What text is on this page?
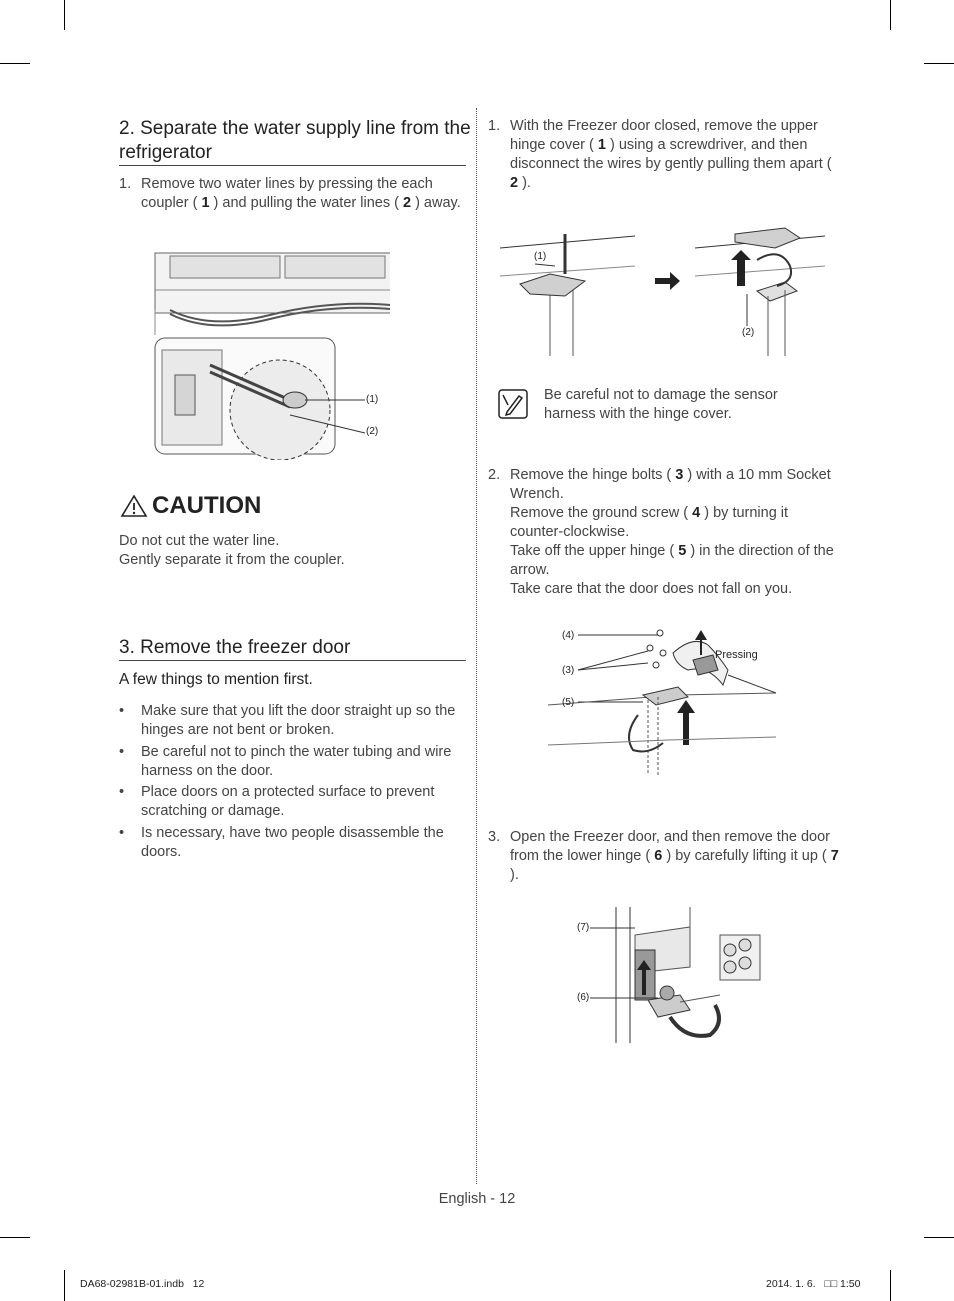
2. Separate the water supply line from the refrigerator
1. Remove two water lines by pressing the each coupler ( 1 ) and pulling the water lines ( 2 ) away.
(1)
(2)
CAUTION
Do not cut the water line.
Gently separate it from the coupler.
3. Remove the freezer door
A few things to mention first.
• Make sure that you lift the door straight up so the hinges are not bent or broken.
• Be careful not to pinch the water tubing and wire harness on the door.
• Place doors on a protected surface to prevent scratching or damage.
• Is necessary, have two people disassemble the doors.
1. With the Freezer door closed, remove the upper hinge cover ( 1 ) using a screwdriver, and then disconnect the wires by gently pulling them apart ( 2 ).
(1)
(2)
Be careful not to damage the sensor harness with the hinge cover.
2. Remove the hinge bolts ( 3 ) with a 10 mm Socket Wrench.
Remove the ground screw ( 4 ) by turning it counter-clockwise.
Take off the upper hinge ( 5 ) in the direction of the arrow.
Take care that the door does not fall on you.
(4)
(3)
(5)
Pressing
3. Open the Freezer door, and then remove the door from the lower hinge ( 6 ) by carefully lifting it up ( 7 ).
(7)
(6)
English - 12
DA68-02981B-01.indb   12	2014. 1. 6.   □□ 1:50
